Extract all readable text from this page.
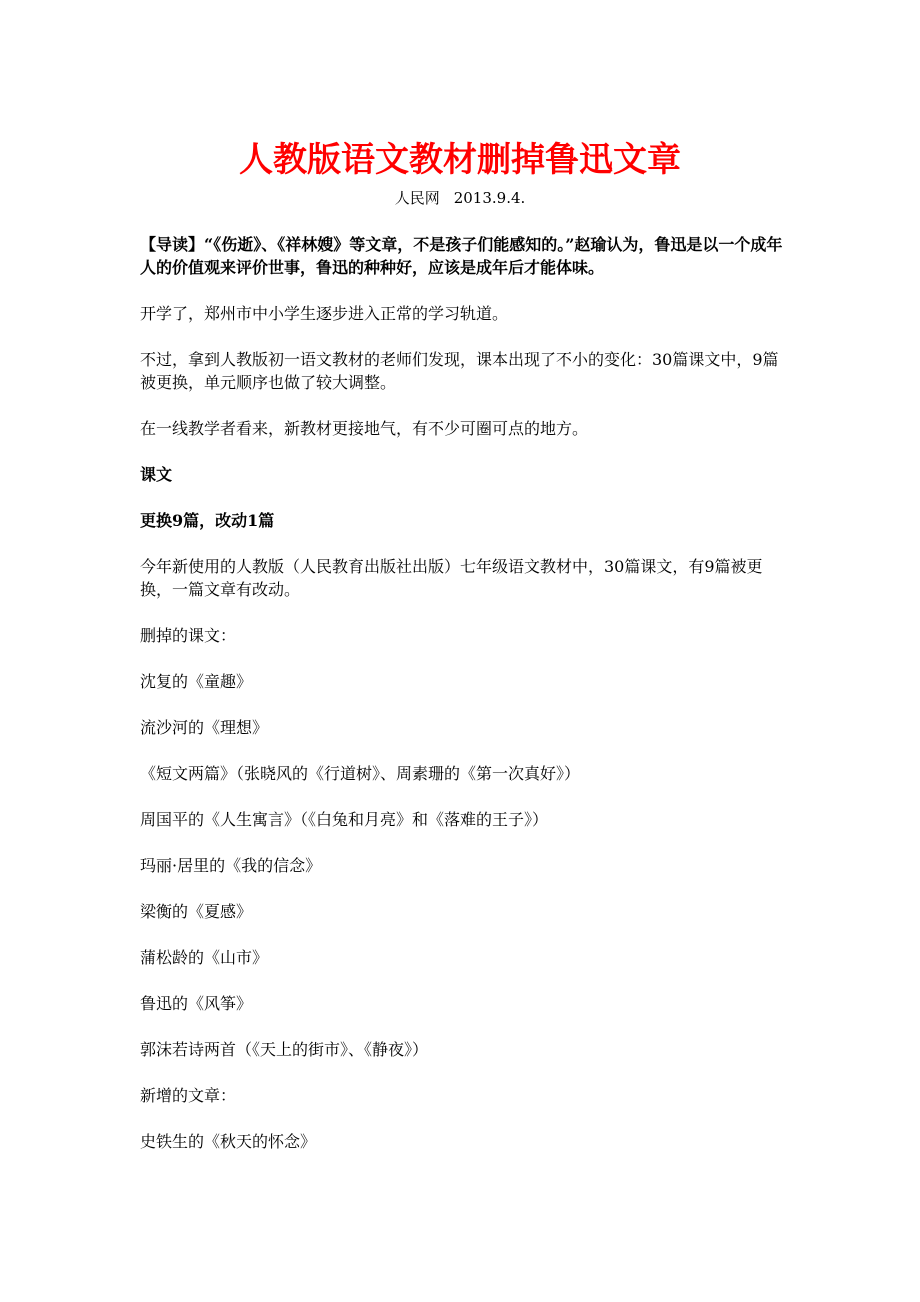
人教版语文教材删掉鲁迅文章
人民网 2013.9.4.

【导读】“《伤逝》、《祥林嫂》等文章，不是孩子们能感知的。”赵瑜认为，鲁迅是以一个成年人的价值观来评价世事，鲁迅的种种好，应该是成年后才能体味。

开学了，郑州市中小学生逐步进入正常的学习轨道。

不过，拿到人教版初一语文教材的老师们发现，课本出现了不小的变化：30篇课文中，9篇被更换，单元顺序也做了较大调整。

在一线教学者看来，新教材更接地气，有不少可圈可点的地方。

课文

更换9篇，改动1篇

今年新使用的人教版（人民教育出版社出版）七年级语文教材中，30篇课文，有9篇被更换，一篇文章有改动。

删掉的课文：

沈复的《童趣》

流沙河的《理想》

《短文两篇》（张晓风的《行道树》、周素珊的《第一次真好》）

周国平的《人生寓言》（《白兔和月亮》和《落难的王子》）

玛丽·居里的《我的信念》

梁衡的《夏感》

蒲松龄的《山市》

鲁迅的《风筝》

郭沫若诗两首（《天上的街市》、《静夜》）

新增的文章：

史铁生的《秋天的怀念》
